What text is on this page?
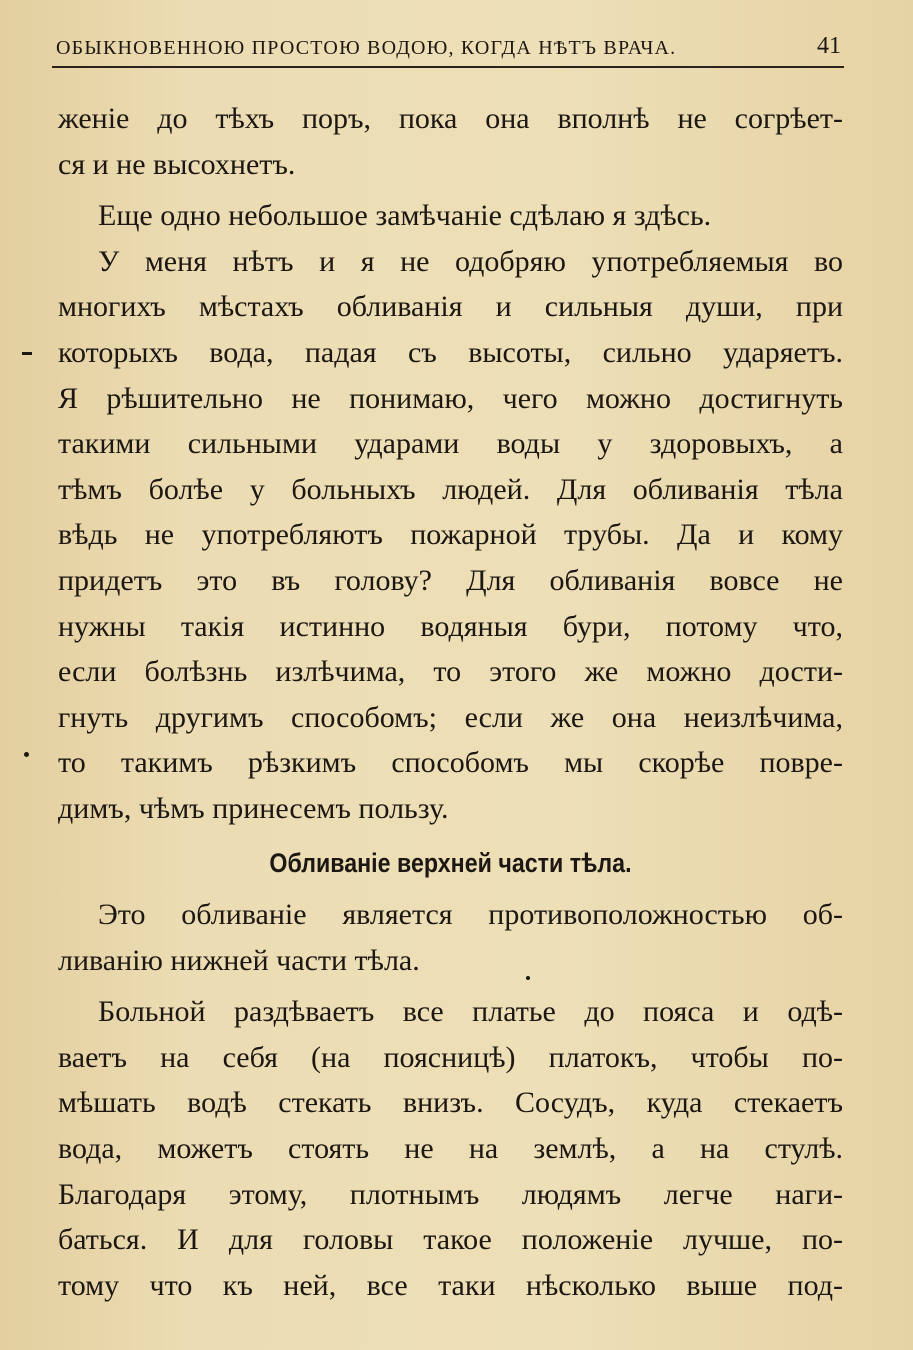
ОБЫКНОВЕННОЮ ПРОСТОЮ ВОДОЮ, КОГДА НѢТЪ ВРАЧА.	41
женіе до тѣхъ поръ, пока она вполнѣ не согрѣет-
ся и не высохнетъ.
Еще одно небольшое замѣчаніе сдѣлаю я здѣсь.
У меня нѣтъ и я не одобряю употребляемыя во
многихъ мѣстахъ обливанія и сильныя души, при
которыхъ вода, падая съ высоты, сильно ударяетъ.
Я рѣшительно не понимаю, чего можно достигнуть
такими сильными ударами воды у здоровыхъ, а
тѣмъ болѣе у больныхъ людей. Для обливанія тѣла
вѣдь не употребляютъ пожарной трубы. Да и кому
придетъ это въ голову? Для обливанія вовсе не
нужны такія истинно водяныя бури, потому что,
если болѣзнь излѣчима, то этого же можно дости-
гнуть другимъ способомъ; если же она неизлѣчима,
то такимъ рѣзкимъ способомъ мы скорѣе повре-
димъ, чѣмъ принесемъ пользу.
Обливаніе верхней части тѣла.
Это обливаніе является противоположностью об-
ливанію нижней части тѣла.
Больной раздѣваетъ все платье до пояса и одѣ-
ваетъ на себя (на поясницѣ) платокъ, чтобы по-
мѣшать водѣ стекать внизъ. Сосудъ, куда стекаетъ
вода, можетъ стоять не на землѣ, а на стулѣ.
Благодаря этому, плотнымъ людямъ легче наги-
баться. И для головы такое положеніе лучше, по-
тому что къ ней, все таки нѣсколько выше под-
